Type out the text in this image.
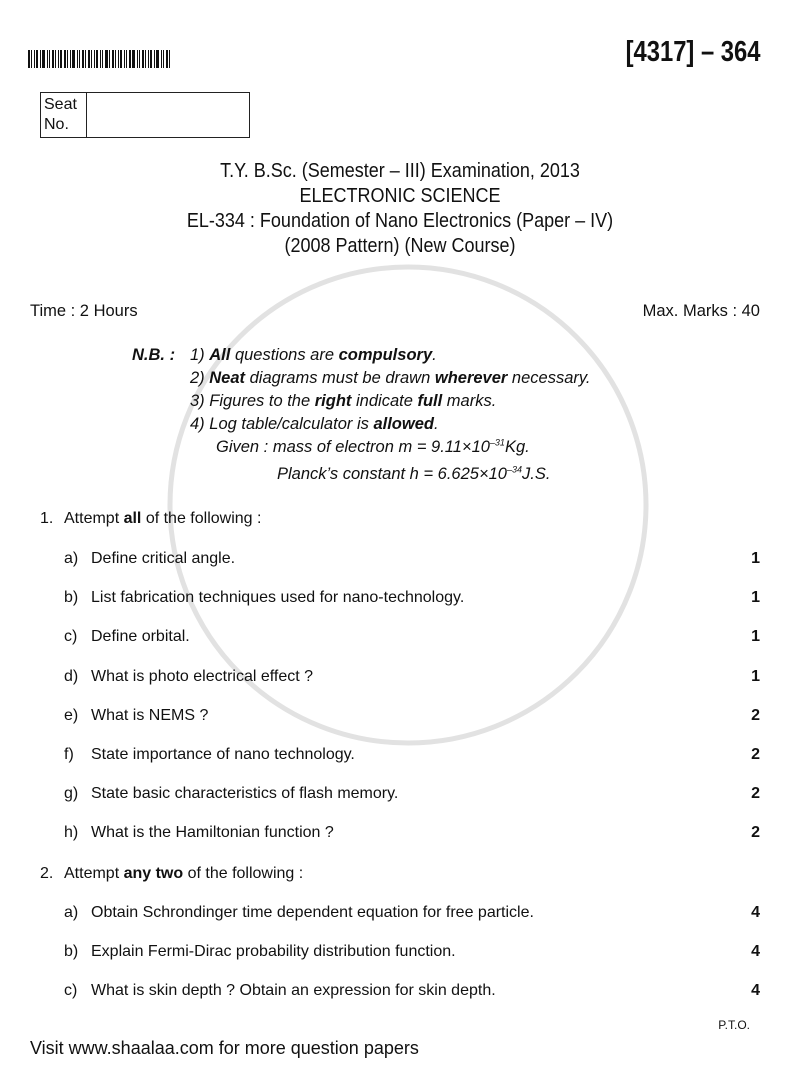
[4317] – 364
Seat
No.
T.Y. B.Sc. (Semester – III) Examination, 2013
ELECTRONIC SCIENCE
EL-334 : Foundation of Nano Electronics (Paper – IV)
(2008 Pattern) (New Course)
Time : 2 Hours	Max. Marks : 40
N.B. : 1) All questions are compulsory.
2) Neat diagrams must be drawn wherever necessary.
3) Figures to the right indicate full marks.
4) Log table/calculator is allowed.
Given : mass of electron $m = 9.11\times 10^{-31}Kg$.
Planck’s constant $h = 6.625\times 10^{-34}J.S$.
1. Attempt all of the following :
a) Define critical angle.	1
b) List fabrication techniques used for nano-technology.	1
c) Define orbital.	1
d) What is photo electrical effect ?	1
e) What is NEMS ?	2
f) State importance of nano technology.	2
g) State basic characteristics of flash memory.	2
h) What is the Hamiltonian function ?	2
2. Attempt any two of the following :
a) Obtain Schrondinger time dependent equation for free particle.	4
b) Explain Fermi-Dirac probability distribution function.	4
c) What is skin depth ? Obtain an expression for skin depth.	4
P.T.O.
Visit www.shaalaa.com for more question papers
